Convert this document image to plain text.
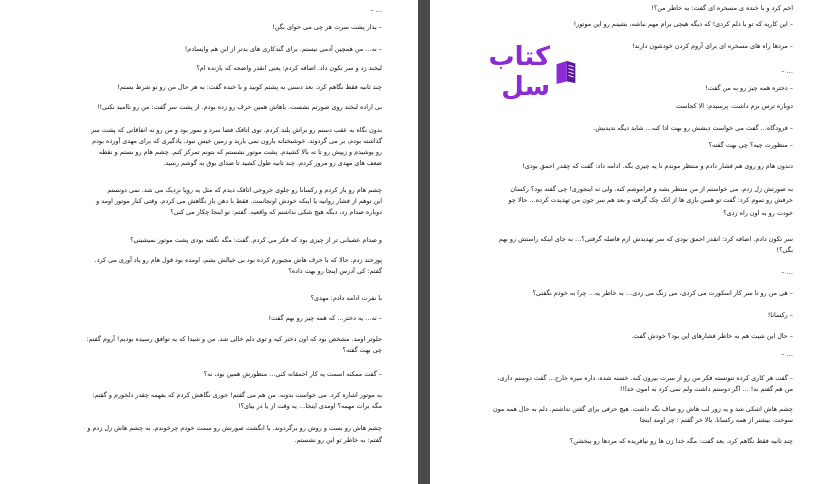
– …
– بذار پشت سرت هر چی می خوای بگن!
– نه… من همچین آدمی نیستم. برای گندکاری های بدتر از این هم وایسادم!
لبخند زد و سر تکون داد. اضافه کردم: یعنی انقدر واضحه که بازنده ام؟
چند ثانیه فقط نگاهم کرد. بعد دستی به پشتم کوبید و با خنده گفت: به هر حال من رو تو شرط بستم!
بی اراده لبخند روی صورتم نشست. باهاش همین حرف رو زده بودم. از پشت سر گفت: من رو ناامید نکنی!!
بدون نگاه به عقب دستم رو براش بلند کردم. توی اتاقک فضا سرد و نمور بود و من رو به اتفاقاتی که پشت سر
گذاشته بودم، بر می گردوند. خوشبختانه بارون نمی بارید و زمین خیس نبود. یادگیری که برای مهدی آورده بودم
رو پوشیدم و زیپش رو تا ته بالا کشیدم. پشت موتور نشستم که بتونم تمرکز کنم. چشم هام رو بستم و نقطه
ضعف های مهدی رو مرور کردم. چند ثانیه طول کشید تا صدای بوق به گوشم رسید.
چشم هام رو باز کردم و رکسانا رو جلوی خروجی اتاقک دیدم که مثل یه رویا نزدیک می شد. نمی دونستم
این توهم از فشار روانیه یا اینکه خودش اونجاست. فقط با دهن باز نگاهش می کردم. وقتی کنار موتور اومد و
دوباره صدام زد، دیگه هیچ شکی نداشتم که واقعیه. گفتم: تو اینجا چکار می کنی؟
و صدام عصبانی تر از چیزی بود که فکر می کردم. گفت: مگه نگفته بودی پشت موتور نمیشینی؟
پوزخند زدم. حالا که با حرف هاش مجبورم کرده بود بی خیالش بشم، اومده بود قول هام رو یاد آوری می کرد.
گفتم: کی آدرس اینجا رو بهت داده؟
با نفرت ادامه دادم: مهدی؟
– نه… یه دختر… که همه چیز رو بهم گفت!
جلوتر اومد. مشخص بود که اون دختر کیه و توی دلم خالی شد. من و شیدا که یه توافق رسیده بودیم! آروم گفتم:
چی بهت گفته؟
– گفت ممکنه اسمت یه کار احمقانه کنی… منظورش همین بود، نه؟
به موتور اشاره کرد. می خواست بدونه. من هم می گفتم! جوری نگاهش کردم که بفهمه چقدر دلخورم و گفتم:
مگه برات مهمه؟ اومدی اینجا… یه وقت از یا در بیای؟!
چشم هاش رو بست و روش رو برگردوند. با انگشت صورتش رو سمت خودم چرخوندم. به چشم هاش زل زدم و
گفتم: به خاطر تو این رو نشستم.
اخم کرد و با خنده ی مسخره ای گفت: به خاطر من؟!
– این کاریه که تو با دلم کردی! که دیگه هیچی برام مهم نباشه، بشینم رو این موتور!
– مردها راه های مسخره ای برای آروم کردن خودشون دارند!
– …
– دختره همه چیز رو به من گفت!
دوباره ترس برم داشت. پرسیدم: الا کجاست
– فرودگاه… گفت می خواست دیشش رو بهت ادا کنه… شاید دیگه ندیدیش.
– منظورت چیه؟ چی بهت گفته؟
دندون هام رو روی هم فشار دادم و منتظر موندم تا یه چیزی بگه. ادامه داد: گفت که چقدر احمق بودی!
به صورتش زل زدم. می خواستم از من منتظر بشه و فراموشم کنه. ولی نه اینجوری! چی گفته بود؟ رکسان
حرفش رو تموم کرد: گفت تو همین بازی ها از اتک چک گرفته و بعد هم سر جون من تهدیدت کرده… حالا چو
خودت رو به اون راه زدی؟
سر تکون دادم. اضافه کرد: انقدر احمق بودی که سر تهدیدش ازم فاصله گرفتی؟… به جای اینکه راستش رو بهم
بگی؟!
– …
– هی من رو تا سر کار اسکورت می کردی، می زنگ می زدی… به خاطر یه… چرا به خودم نگفتی؟
– رکسانا!
– حال این شیت هم به خاطر فشارهای این بود؟ خودش گفت.
– …
– گفت هر کاری کرده نتونسته فکر من رو از سرت بیرون کنه. خسته شده، داره میره خارج… گفت دوستم داری،
من هم گفتم نه! … اگر دوستم داشت ولم نمی کرد به امون خدا!!
چشم هاش اشکی شد و یه زور لب هاش رو صاف نگه داشت. هیچ حرفی برای گفتن نداشتم. دلم به حال همه مون
سوخت. بیشتر از همه رکسانا. بالا خر گفتم : چر اومد اینجا
چند ثانیه فقط نگاهم کرد. بعد گفت: مگه خدا زن ها رو نیافریده که مردها رو ببخشن؟
کتاب سل
